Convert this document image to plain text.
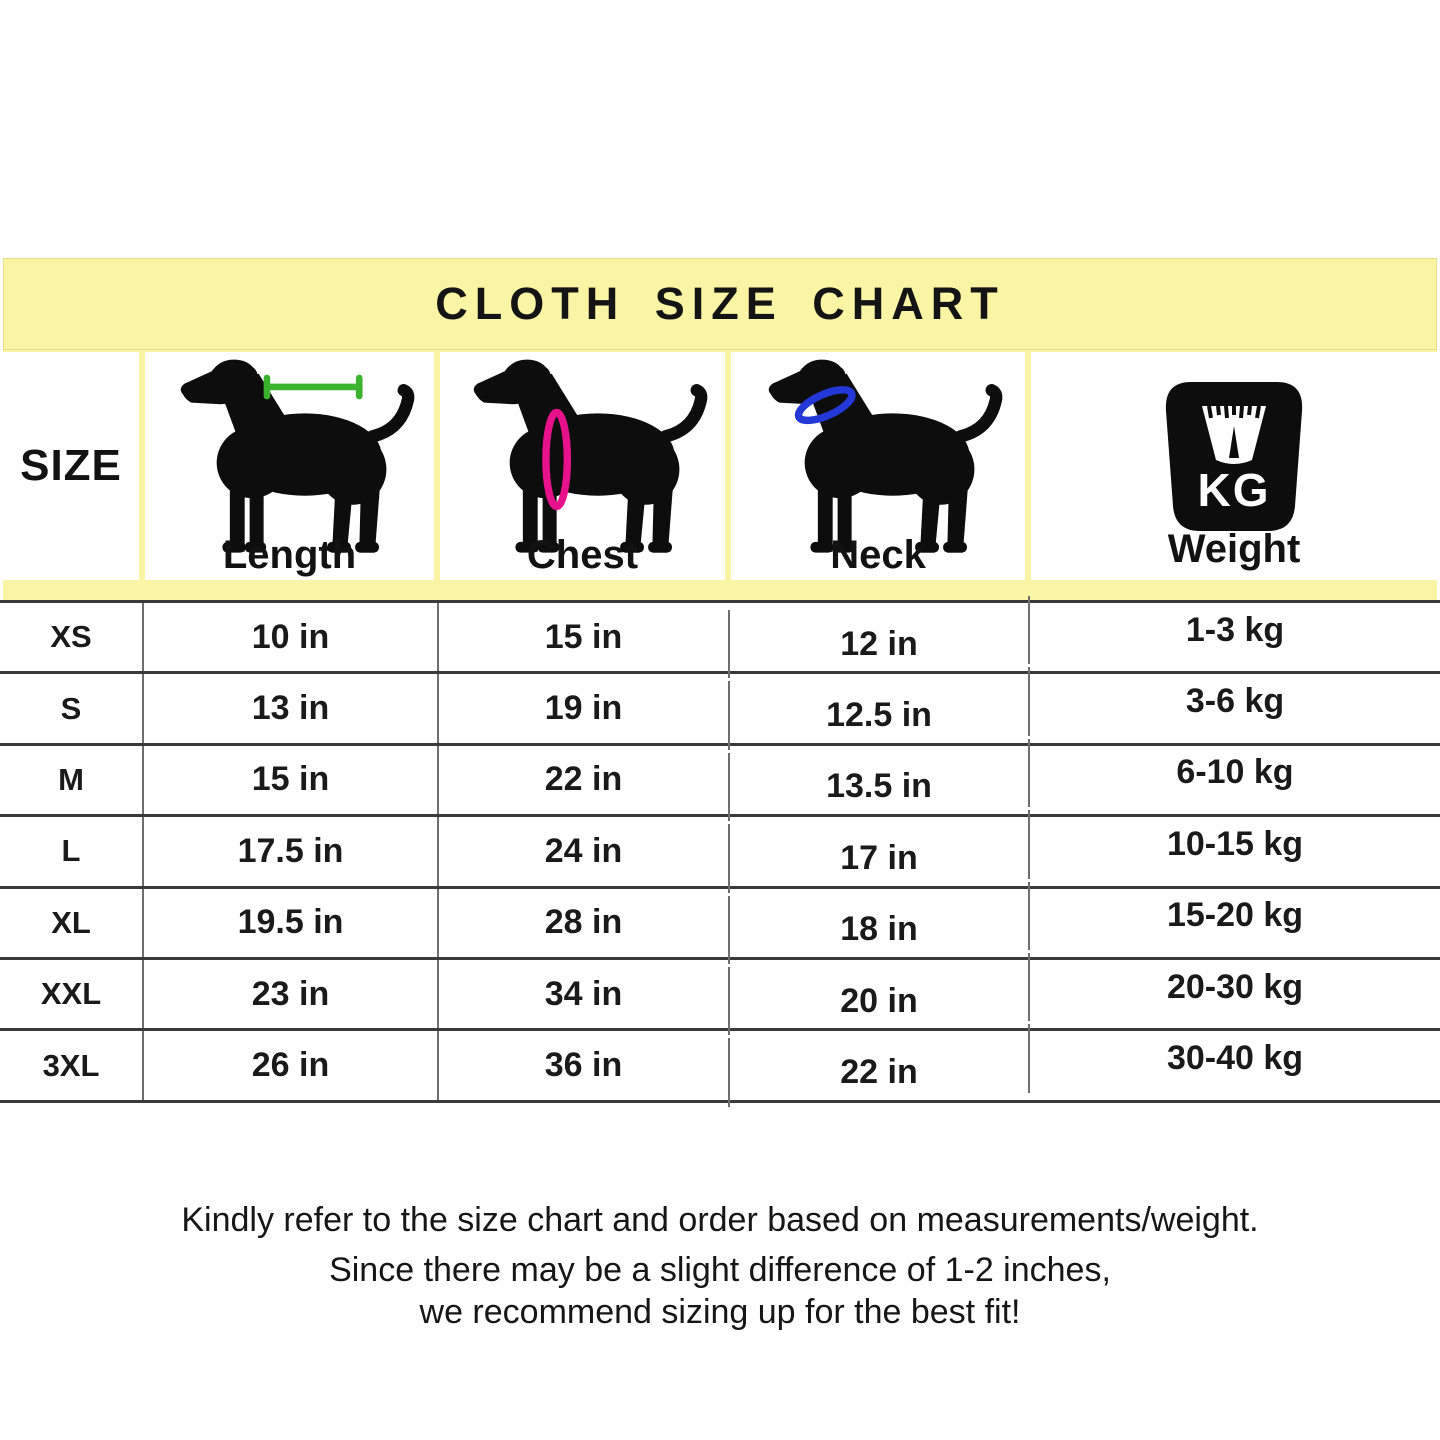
CLOTH SIZE CHART
SIZE
Length	Chest	Neck
KG
Weight
XS	10 in	15 in	12 in	1-3 kg
S	13 in	19 in	12.5 in	3-6 kg
M	15 in	22 in	13.5 in	6-10 kg
L	17.5 in	24 in	17 in	10-15 kg
XL	19.5 in	28 in	18 in	15-20 kg
XXL	23 in	34 in	20 in	20-30 kg
3XL	26 in	36 in	22 in	30-40 kg
Kindly refer to the size chart and order based on measurements/weight.
Since there may be a slight difference of 1-2 inches,
we recommend sizing up for the best fit!
